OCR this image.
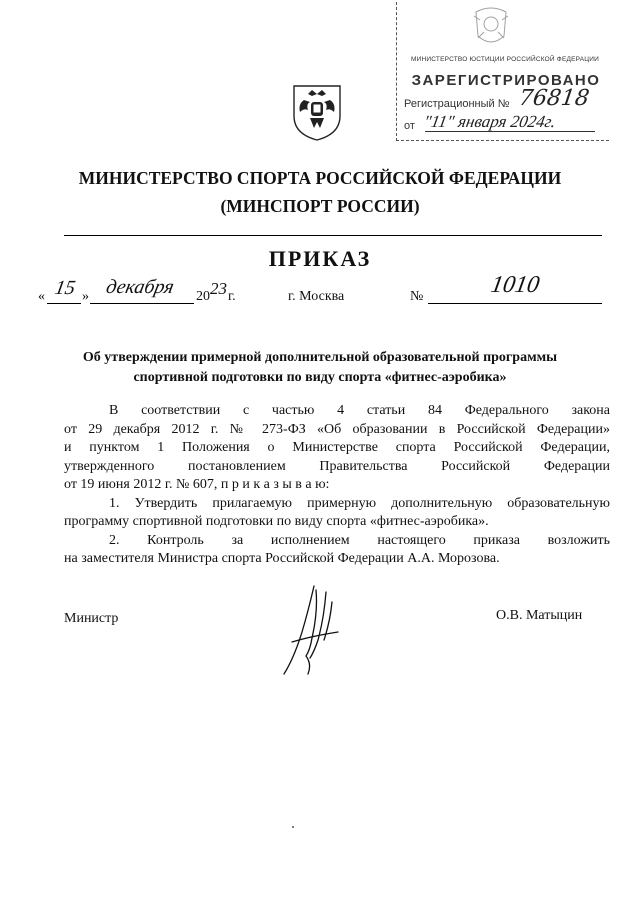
МИНИСТЕРСТВО ЮСТИЦИИ РОССИЙСКОЙ ФЕДЕРАЦИИ
ЗАРЕГИСТРИРОВАНО
Регистрационный № 76818
от "11" января 2024г.
МИНИСТЕРСТВО СПОРТА РОССИЙСКОЙ ФЕДЕРАЦИИ
(МИНСПОРТ РОССИИ)
ПРИКАЗ
« 15 » декабря	20 23 г.	г. Москва	№	1010
Об утверждении примерной дополнительной образовательной программы
спортивной подготовки по виду спорта «фитнес-аэробика»

В соответствии с частью 4 статьи 84 Федерального закона

от 29 декабря 2012 г. № 273-ФЗ «Об образовании в Российской Федерации»

и пунктом 1 Положения о Министерстве спорта Российской Федерации,

утвержденного постановлением Правительства Российской Федерации

от 19 июня 2012 г. № 607, п р и к а з ы в а ю:

1. Утвердить прилагаемую примерную дополнительную образовательную

программу спортивной подготовки по виду спорта «фитнес-аэробика».

2. Контроль за исполнением настоящего приказа возложить

на заместителя Министра спорта Российской Федерации А.А. Морозова.

Министр	О.В. Матыцин
